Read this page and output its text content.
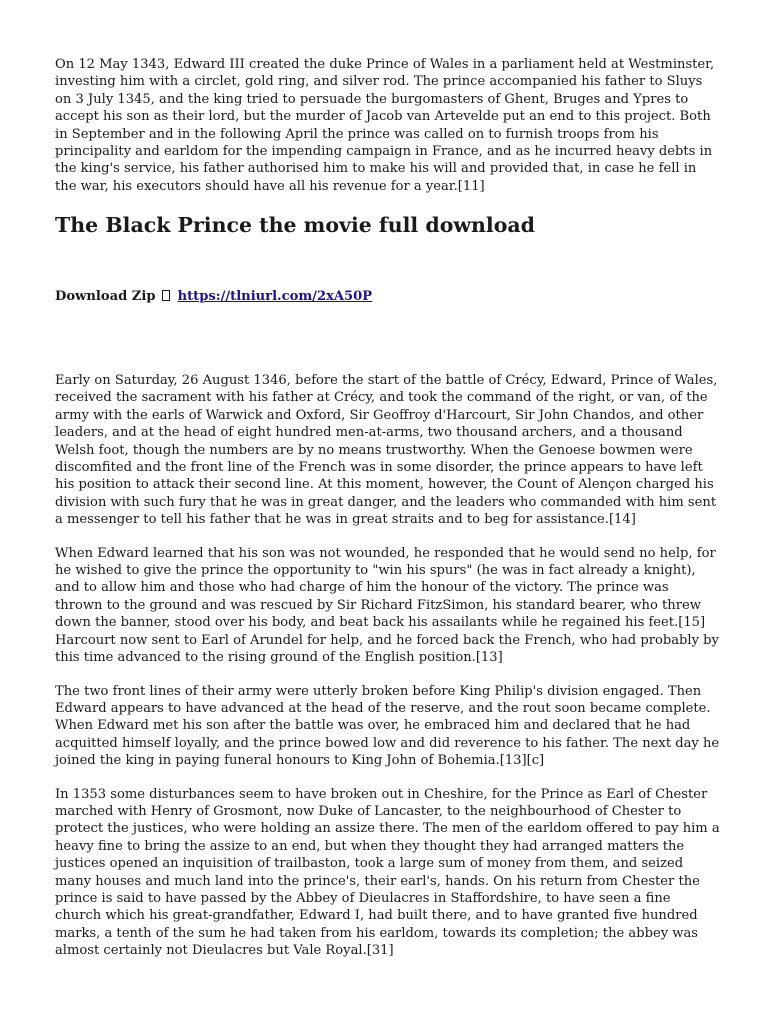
On 12 May 1343, Edward III created the duke Prince of Wales in a parliament held at Westminster, investing him with a circlet, gold ring, and silver rod. The prince accompanied his father to Sluys on 3 July 1345, and the king tried to persuade the burgomasters of Ghent, Bruges and Ypres to accept his son as their lord, but the murder of Jacob van Artevelde put an end to this project. Both in September and in the following April the prince was called on to furnish troops from his principality and earldom for the impending campaign in France, and as he incurred heavy debts in the king's service, his father authorised him to make his will and provided that, in case he fell in the war, his executors should have all his revenue for a year.[11]

The Black Prince the movie full download
Download Zip https://tlniurl.com/2xA50P

Early on Saturday, 26 August 1346, before the start of the battle of Crécy, Edward, Prince of Wales, received the sacrament with his father at Crécy, and took the command of the right, or van, of the army with the earls of Warwick and Oxford, Sir Geoffroy d'Harcourt, Sir John Chandos, and other leaders, and at the head of eight hundred men-at-arms, two thousand archers, and a thousand Welsh foot, though the numbers are by no means trustworthy. When the Genoese bowmen were discomfited and the front line of the French was in some disorder, the prince appears to have left his position to attack their second line. At this moment, however, the Count of Alençon charged his division with such fury that he was in great danger, and the leaders who commanded with him sent a messenger to tell his father that he was in great straits and to beg for assistance.[14]

When Edward learned that his son was not wounded, he responded that he would send no help, for he wished to give the prince the opportunity to "win his spurs" (he was in fact already a knight), and to allow him and those who had charge of him the honour of the victory. The prince was thrown to the ground and was rescued by Sir Richard FitzSimon, his standard bearer, who threw down the banner, stood over his body, and beat back his assailants while he regained his feet.[15] Harcourt now sent to Earl of Arundel for help, and he forced back the French, who had probably by this time advanced to the rising ground of the English position.[13]

The two front lines of their army were utterly broken before King Philip's division engaged. Then Edward appears to have advanced at the head of the reserve, and the rout soon became complete. When Edward met his son after the battle was over, he embraced him and declared that he had acquitted himself loyally, and the prince bowed low and did reverence to his father. The next day he joined the king in paying funeral honours to King John of Bohemia.[13][c]

In 1353 some disturbances seem to have broken out in Cheshire, for the Prince as Earl of Chester marched with Henry of Grosmont, now Duke of Lancaster, to the neighbourhood of Chester to protect the justices, who were holding an assize there. The men of the earldom offered to pay him a heavy fine to bring the assize to an end, but when they thought they had arranged matters the justices opened an inquisition of trailbaston, took a large sum of money from them, and seized many houses and much land into the prince's, their earl's, hands. On his return from Chester the prince is said to have passed by the Abbey of Dieulacres in Staffordshire, to have seen a fine church which his great-grandfather, Edward I, had built there, and to have granted five hundred marks, a tenth of the sum he had taken from his earldom, towards its completion; the abbey was almost certainly not Dieulacres but Vale Royal.[31]
